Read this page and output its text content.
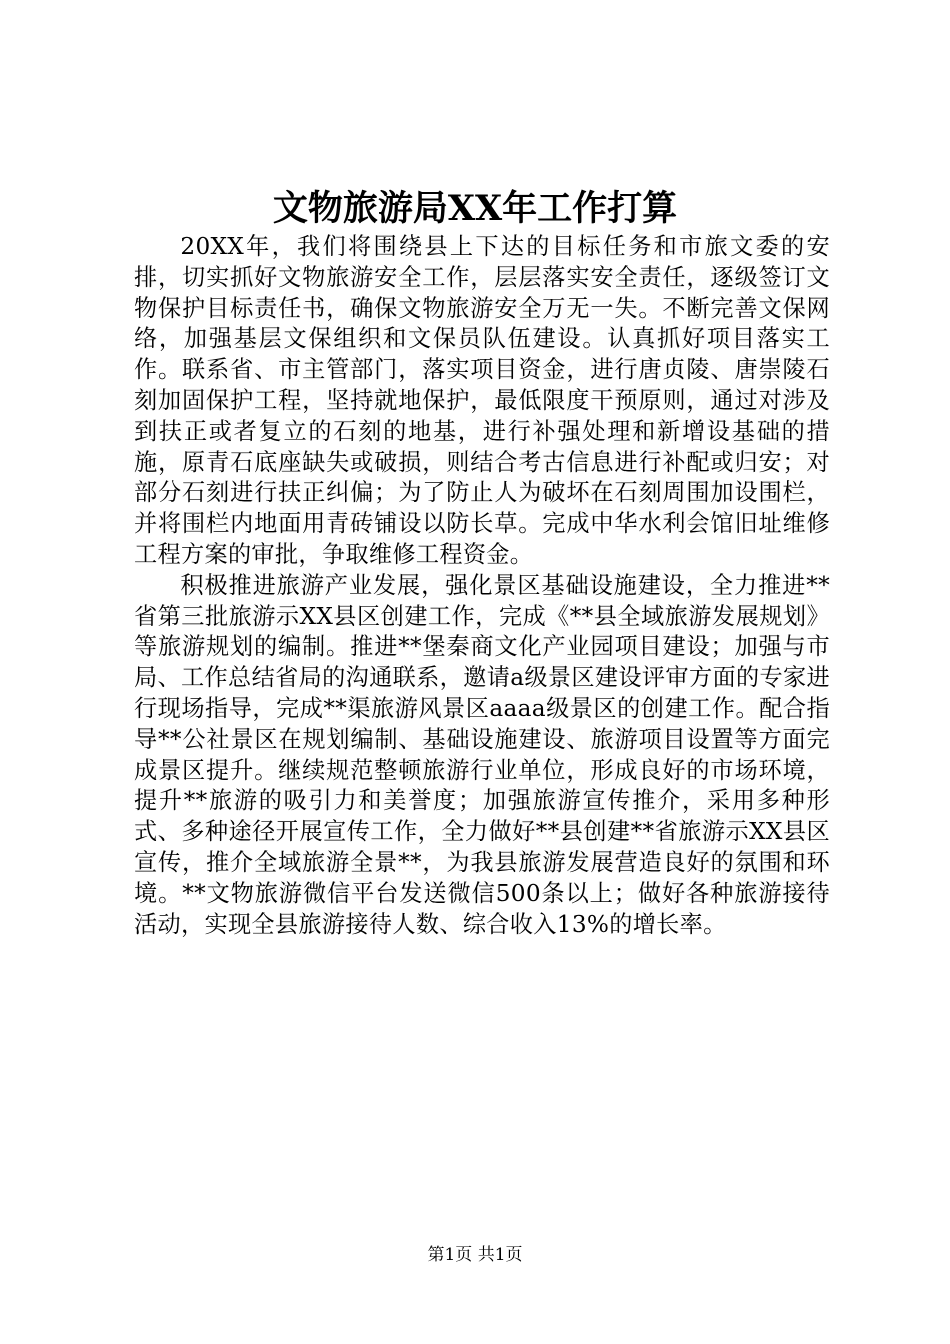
文物旅游局XX年工作打算

20XX年，我们将围绕县上下达的目标任务和市旅文委的安排，切实抓好文物旅游安全工作，层层落实安全责任，逐级签订文物保护目标责任书，确保文物旅游安全万无一失。不断完善文保网络，加强基层文保组织和文保员队伍建设。认真抓好项目落实工作。联系省、市主管部门，落实项目资金，进行唐贞陵、唐崇陵石刻加固保护工程，坚持就地保护，最低限度干预原则，通过对涉及到扶正或者复立的石刻的地基，进行补强处理和新增设基础的措施，原青石底座缺失或破损，则结合考古信息进行补配或归安；对部分石刻进行扶正纠偏；为了防止人为破坏在石刻周围加设围栏，并将围栏内地面用青砖铺设以防长草。完成中华水利会馆旧址维修工程方案的审批，争取维修工程资金。

积极推进旅游产业发展，强化景区基础设施建设，全力推进**省第三批旅游示XX县区创建工作，完成《**县全域旅游发展规划》等旅游规划的编制。推进**堡秦商文化产业园项目建设；加强与市局、工作总结省局的沟通联系，邀请a级景区建设评审方面的专家进行现场指导，完成**渠旅游风景区aaaa级景区的创建工作。配合指导**公社景区在规划编制、基础设施建设、旅游项目设置等方面完成景区提升。继续规范整顿旅游行业单位，形成良好的市场环境，提升**旅游的吸引力和美誉度；加强旅游宣传推介，采用多种形式、多种途径开展宣传工作，全力做好**县创建**省旅游示XX县区宣传，推介全域旅游全景**，为我县旅游发展营造良好的氛围和环境。**文物旅游微信平台发送微信500条以上；做好各种旅游接待活动，实现全县旅游接待人数、综合收入13%的增长率。

第1页 共1页
